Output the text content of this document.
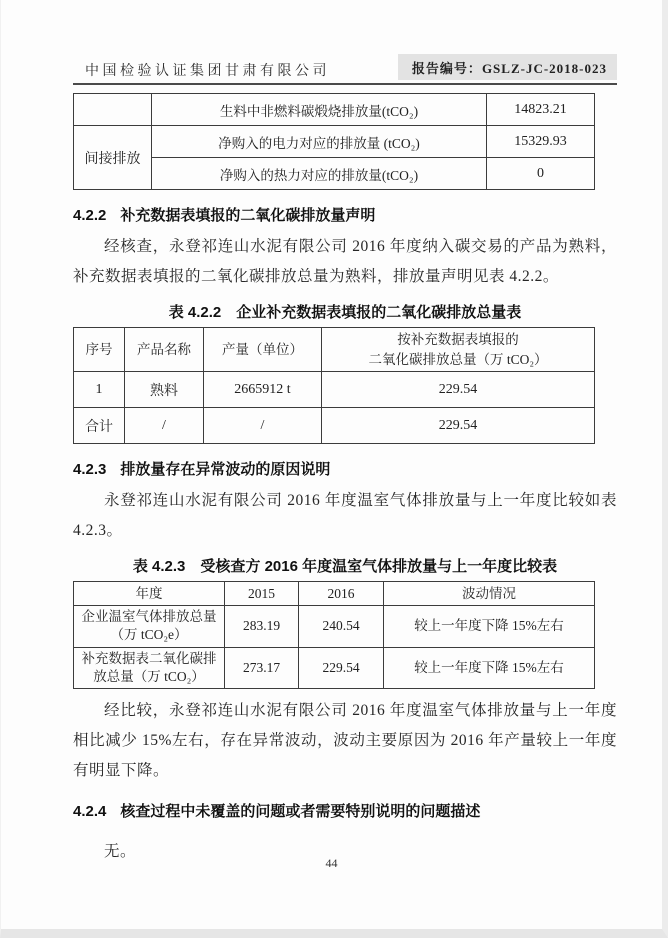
中国检验认证集团甘肃有限公司	报告编号：GSLZ-JC-2018-023
	生料中非燃料碳煅烧排放量(tCO₂)	14823.21
间接排放	净购入的电力对应的排放量 (tCO₂)	15329.93
	净购入的热力对应的排放量(tCO₂)	0
4.2.2 补充数据表填报的二氧化碳排放量声明

经核查，永登祁连山水泥有限公司 2016 年度纳入碳交易的产品为熟料，补充数据表填报的二氧化碳排放总量为熟料，排放量声明见表 4.2.2。

表 4.2.2　企业补充数据表填报的二氧化碳排放总量表
序号	产品名称	产量（单位）	按补充数据表填报的
二氧化碳排放总量（万 tCO₂）

1	熟料	2665912 t	229.54
合计	/	/	229.54
4.2.3 排放量存在异常波动的原因说明

永登祁连山水泥有限公司 2016 年度温室气体排放量与上一年度比较如表 4.2.3。

表 4.2.3　受核查方 2016 年度温室气体排放量与上一年度比较表
年度	2015	2016	波动情况
企业温室气体排放总量（万 tCO₂e）	283.19	240.54	较上一年度下降 15%左右
补充数据表二氧化碳排放总量（万 tCO₂）	273.17	229.54	较上一年度下降 15%左右

经比较，永登祁连山水泥有限公司 2016 年度温室气体排放量与上一年度相比减少 15%左右，存在异常波动，波动主要原因为 2016 年产量较上一年度有明显下降。

4.2.4 核查过程中未覆盖的问题或者需要特别说明的问题描述

无。

44
